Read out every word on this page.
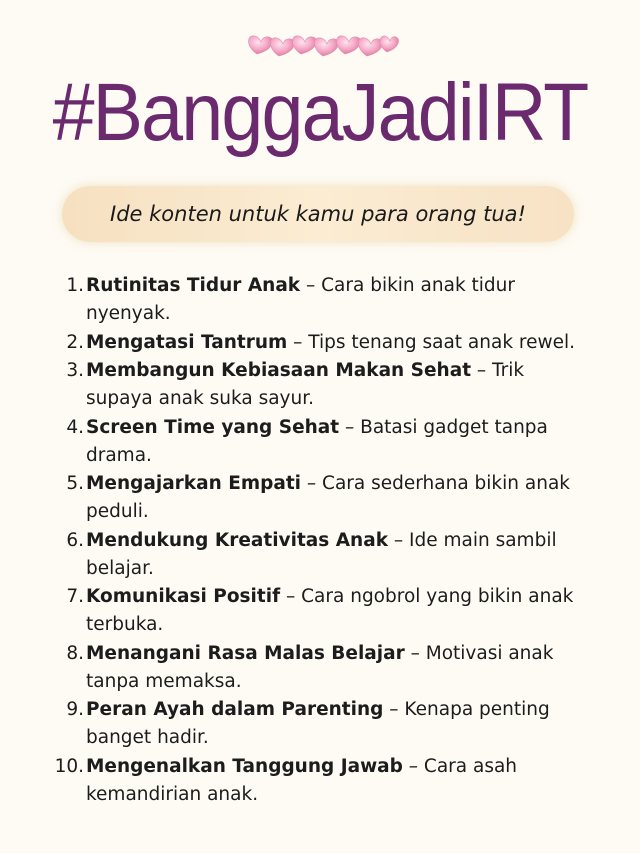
#BanggaJadiIRT
Ide konten untuk kamu para orang tua!
1. Rutinitas Tidur Anak – Cara bikin anak tidur nyenyak.
2. Mengatasi Tantrum – Tips tenang saat anak rewel.
3. Membangun Kebiasaan Makan Sehat – Trik supaya anak suka sayur.
4. Screen Time yang Sehat – Batasi gadget tanpa drama.
5. Mengajarkan Empati – Cara sederhana bikin anak peduli.
6. Mendukung Kreativitas Anak – Ide main sambil belajar.
7. Komunikasi Positif – Cara ngobrol yang bikin anak terbuka.
8. Menangani Rasa Malas Belajar – Motivasi anak tanpa memaksa.
9. Peran Ayah dalam Parenting – Kenapa penting banget hadir.
10. Mengenalkan Tanggung Jawab – Cara asah kemandirian anak.
